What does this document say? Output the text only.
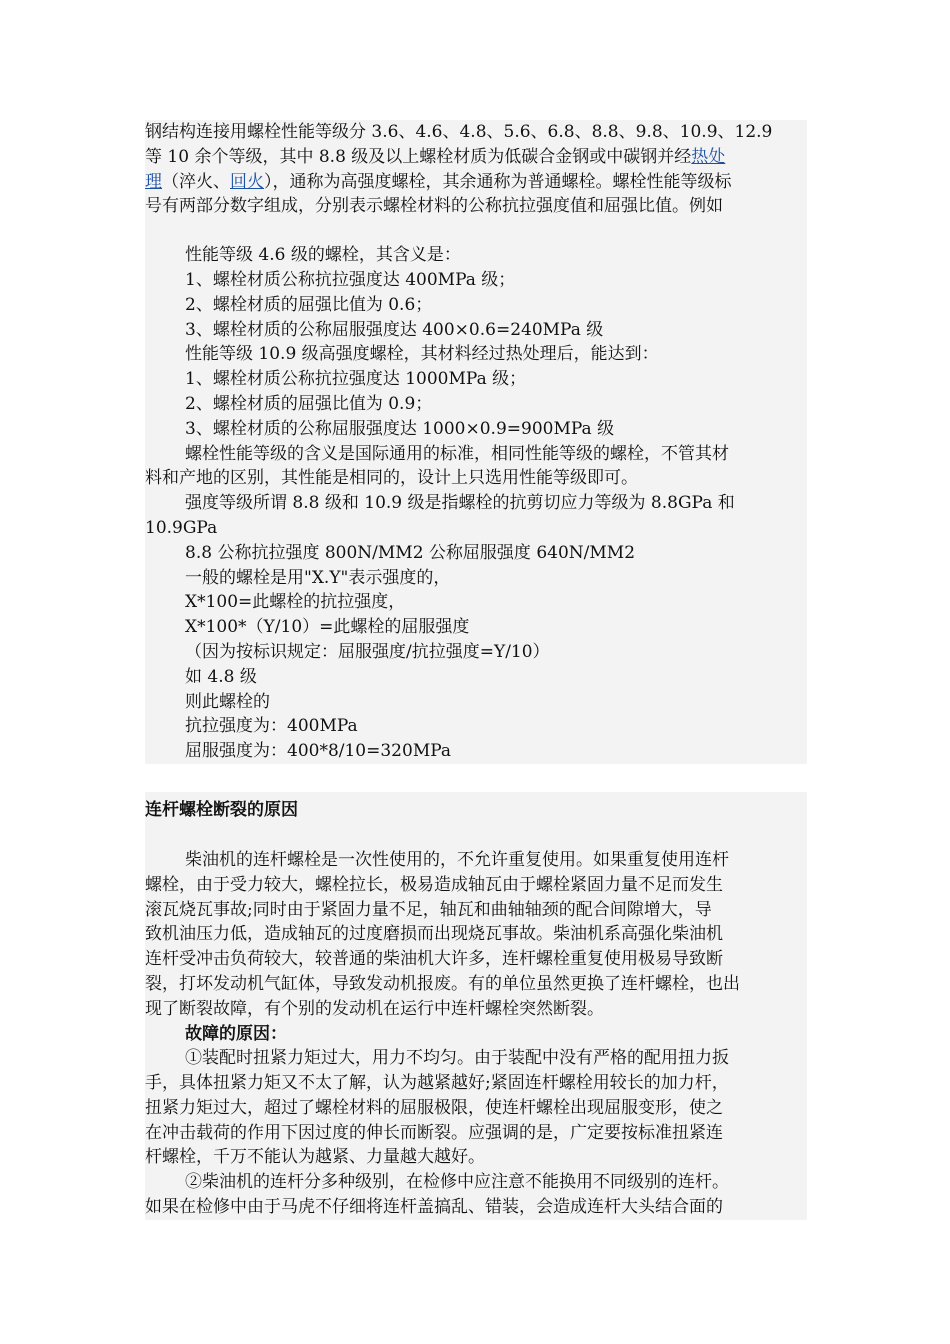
钢结构连接用螺栓性能等级分 3.6、4.6、4.8、5.6、6.8、8.8、9.8、10.9、12.9

等 10 余个等级，其中 8.8 级及以上螺栓材质为低碳合金钢或中碳钢并经热处

理（淬火、回火），通称为高强度螺栓，其余通称为普通螺栓。螺栓性能等级标

号有两部分数字组成，分别表示螺栓材料的公称抗拉强度值和屈强比值。例如

性能等级 4.6 级的螺栓，其含义是：

1、螺栓材质公称抗拉强度达 400MPa 级；

2、螺栓材质的屈强比值为 0.6；

3、螺栓材质的公称屈服强度达 400×0.6=240MPa 级

性能等级 10.9 级高强度螺栓，其材料经过热处理后，能达到：

1、螺栓材质公称抗拉强度达 1000MPa 级；

2、螺栓材质的屈强比值为 0.9；

3、螺栓材质的公称屈服强度达 1000×0.9=900MPa 级

螺栓性能等级的含义是国际通用的标准，相同性能等级的螺栓，不管其材

料和产地的区别，其性能是相同的，设计上只选用性能等级即可。

强度等级所谓 8.8 级和 10.9 级是指螺栓的抗剪切应力等级为 8.8GPa 和

10.9GPa

8.8 公称抗拉强度 800N/MM2 公称屈服强度 640N/MM2

一般的螺栓是用"X.Y"表示强度的，

X*100=此螺栓的抗拉强度，

X*100*（Y/10）=此螺栓的屈服强度

（因为按标识规定：屈服强度/抗拉强度=Y/10）

如 4.8 级

则此螺栓的

抗拉强度为：400MPa

屈服强度为：400*8/10=320MPa

连杆螺栓断裂的原因

柴油机的连杆螺栓是一次性使用的，不允许重复使用。如果重复使用连杆

螺栓，由于受力较大，螺栓拉长，极易造成轴瓦由于螺栓紧固力量不足而发生

滚瓦烧瓦事故;同时由于紧固力量不足，轴瓦和曲轴轴颈的配合间隙增大，导

致机油压力低，造成轴瓦的过度磨损而出现烧瓦事故。柴油机系高强化柴油机

连杆受冲击负荷较大，较普通的柴油机大许多，连杆螺栓重复使用极易导致断

裂，打坏发动机气缸体，导致发动机报废。有的单位虽然更换了连杆螺栓，也出

现了断裂故障，有个别的发动机在运行中连杆螺栓突然断裂。

故障的原因：

①装配时扭紧力矩过大，用力不均匀。由于装配中没有严格的配用扭力扳

手，具体扭紧力矩又不太了解，认为越紧越好;紧固连杆螺栓用较长的加力杆，

扭紧力矩过大，超过了螺栓材料的屈服极限，使连杆螺栓出现屈服变形，使之

在冲击载荷的作用下因过度的伸长而断裂。应强调的是，广定要按标准扭紧连

杆螺栓，千万不能认为越紧、力量越大越好。

②柴油机的连杆分多种级别，在检修中应注意不能换用不同级别的连杆。

如果在检修中由于马虎不仔细将连杆盖搞乱、错装，会造成连杆大头结合面的
